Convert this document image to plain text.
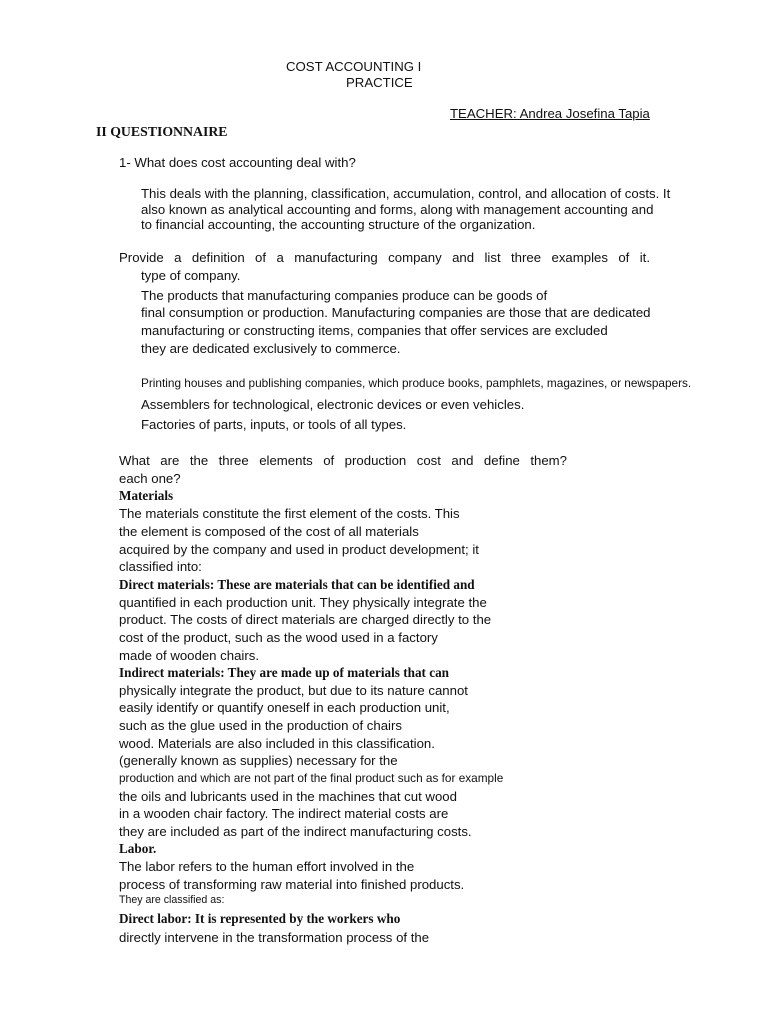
COST ACCOUNTING I

PRACTICE

TEACHER: Andrea Josefina Tapia

II QUESTIONNAIRE

1- What does cost accounting deal with?

This deals with the planning, classification, accumulation, control, and allocation of costs. It

also known as analytical accounting and forms, along with management accounting and

to financial accounting, the accounting structure of the organization.

Provide a definition of a manufacturing company and list three examples of it.

type of company.

The products that manufacturing companies produce can be goods of

final consumption or production. Manufacturing companies are those that are dedicated

manufacturing or constructing items, companies that offer services are excluded

they are dedicated exclusively to commerce.

Printing houses and publishing companies, which produce books, pamphlets, magazines, or newspapers.

Assemblers for technological, electronic devices or even vehicles.

Factories of parts, inputs, or tools of all types.

What are the three elements of production cost and define them?

each one?

Materials

The materials constitute the first element of the costs. This

the element is composed of the cost of all materials

acquired by the company and used in product development; it

classified into:

Direct materials: These are materials that can be identified and

quantified in each production unit. They physically integrate the

product. The costs of direct materials are charged directly to the

cost of the product, such as the wood used in a factory

made of wooden chairs.

Indirect materials: They are made up of materials that can

physically integrate the product, but due to its nature cannot

easily identify or quantify oneself in each production unit,

such as the glue used in the production of chairs

wood. Materials are also included in this classification.

(generally known as supplies) necessary for the

production and which are not part of the final product such as for example

the oils and lubricants used in the machines that cut wood

in a wooden chair factory. The indirect material costs are

they are included as part of the indirect manufacturing costs.

Labor.

The labor refers to the human effort involved in the

process of transforming raw material into finished products.

They are classified as:

Direct labor: It is represented by the workers who

directly intervene in the transformation process of the
